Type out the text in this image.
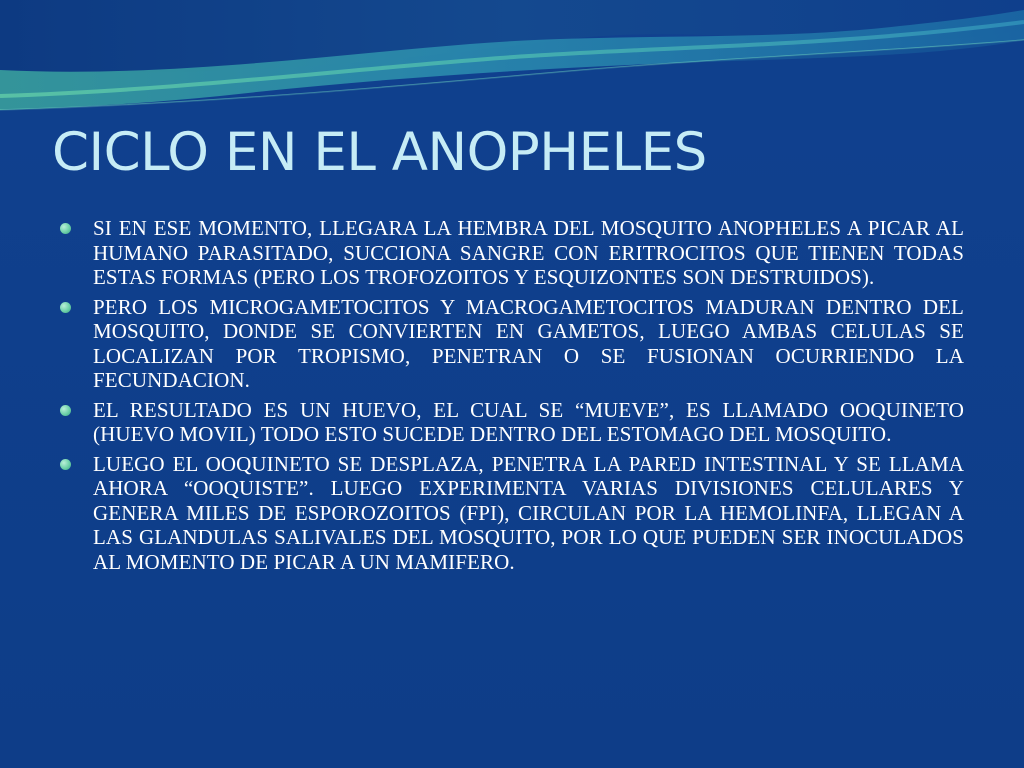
CICLO EN EL ANOPHELES
SI EN ESE MOMENTO, LLEGARA LA HEMBRA DEL MOSQUITO ANOPHELES A PICAR AL HUMANO PARASITADO, SUCCIONA SANGRE CON ERITROCITOS QUE TIENEN TODAS ESTAS FORMAS (PERO LOS TROFOZOITOS Y ESQUIZONTES SON DESTRUIDOS).
PERO LOS MICROGAMETOCITOS Y MACROGAMETOCITOS MADURAN DENTRO DEL MOSQUITO, DONDE SE CONVIERTEN EN GAMETOS, LUEGO AMBAS CELULAS SE LOCALIZAN POR TROPISMO, PENETRAN O SE FUSIONAN OCURRIENDO LA FECUNDACION.
EL RESULTADO ES UN HUEVO, EL CUAL SE “MUEVE”, ES LLAMADO OOQUINETO (HUEVO MOVIL) TODO ESTO SUCEDE DENTRO DEL ESTOMAGO DEL MOSQUITO.
LUEGO EL OOQUINETO SE DESPLAZA, PENETRA LA PARED INTESTINAL Y SE LLAMA AHORA “OOQUISTE”. LUEGO EXPERIMENTA VARIAS DIVISIONES CELULARES Y GENERA MILES DE ESPOROZOITOS (FPI), CIRCULAN POR LA HEMOLINFA, LLEGAN A LAS GLANDULAS SALIVALES DEL MOSQUITO, POR LO QUE PUEDEN SER INOCULADOS AL MOMENTO DE PICAR A UN MAMIFERO.
